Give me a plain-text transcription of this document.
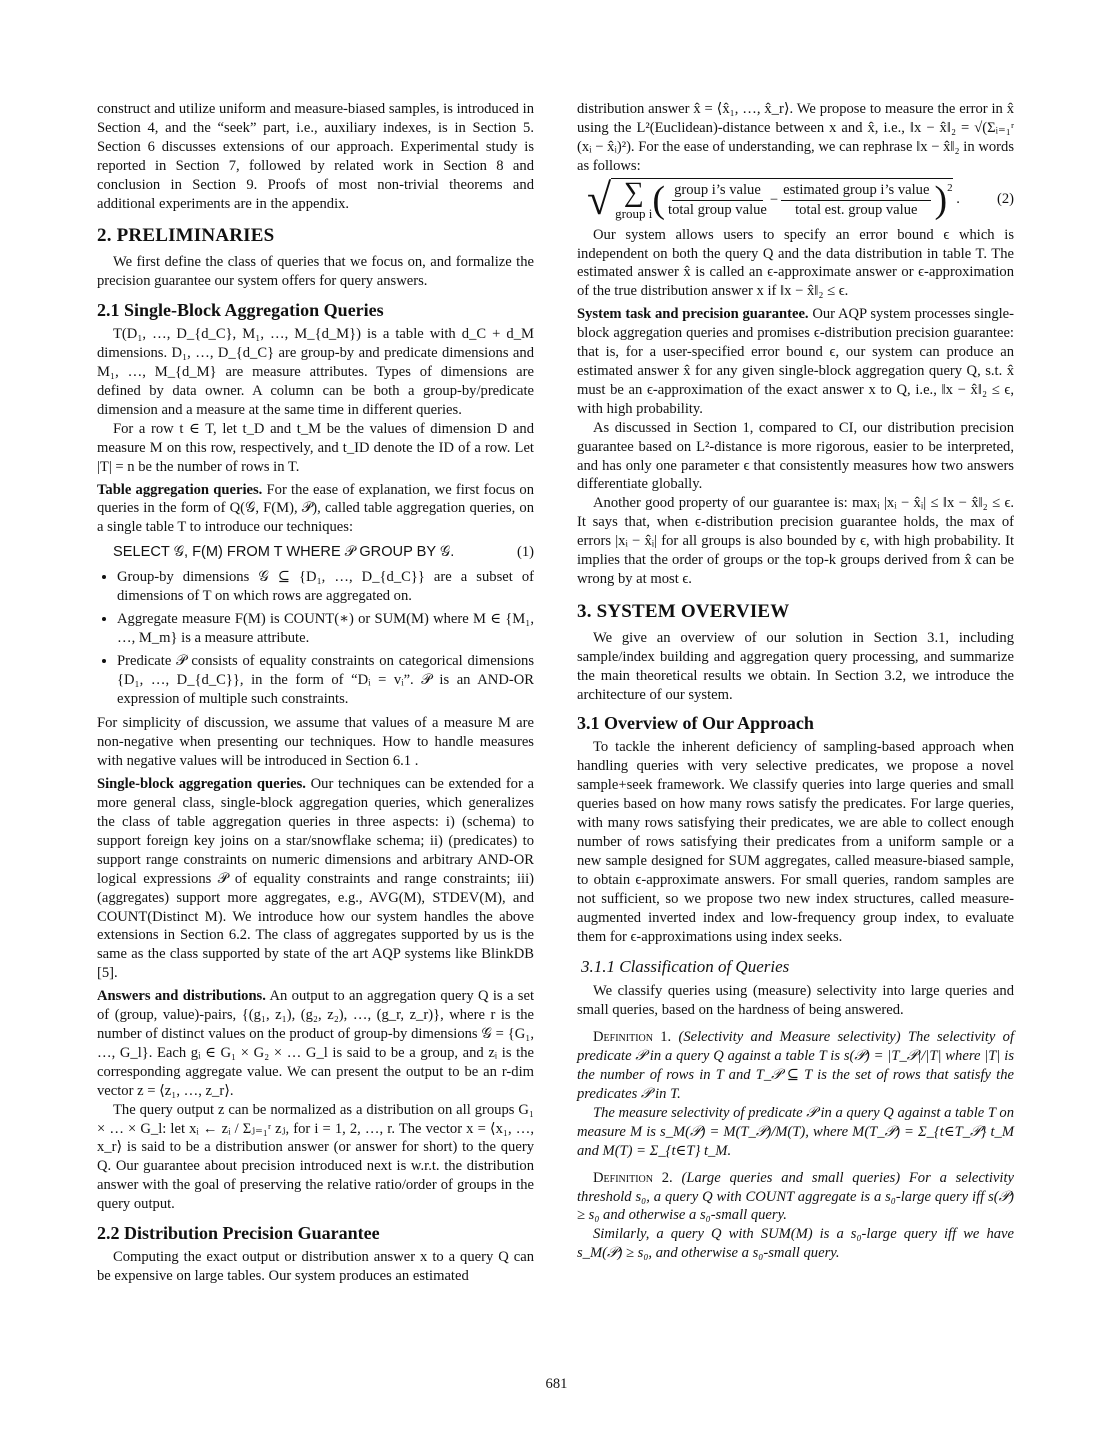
construct and utilize uniform and measure-biased samples, is introduced in Section 4, and the “seek” part, i.e., auxiliary indexes, is in Section 5. Section 6 discusses extensions of our approach. Experimental study is reported in Section 7, followed by related work in Section 8 and conclusion in Section 9. Proofs of most non-trivial theorems and additional experiments are in the appendix.

2. PRELIMINARIES

We first define the class of queries that we focus on, and formalize the precision guarantee our system offers for query answers.

2.1 Single-Block Aggregation Queries

T(D₁, …, D_{d_C}, M₁, …, M_{d_M}) is a table with d_C + d_M dimensions. D₁, …, D_{d_C} are group-by and predicate dimensions and M₁, …, M_{d_M} are measure attributes. Types of dimensions are defined by data owner. A column can be both a group-by/predicate dimension and a measure at the same time in different queries.

For a row t ∈ T, let t_D and t_M be the values of dimension D and measure M on this row, respectively, and t_ID denote the ID of a row. Let |T| = n be the number of rows in T.

Table aggregation queries. For the ease of explanation, we first focus on queries in the form of Q(𝒢, F(M), 𝒫), called table aggregation queries, on a single table T to introduce our techniques:

SELECT 𝒢, F(M) FROM T WHERE 𝒫 GROUP BY 𝒢.	(1)
• Group-by dimensions 𝒢 ⊆ {D₁, …, D_{d_C}} are a subset of dimensions of T on which rows are aggregated on.
• Aggregate measure F(M) is COUNT(∗) or SUM(M) where M ∈ {M₁, …, M_m} is a measure attribute.
• Predicate 𝒫 consists of equality constraints on categorical dimensions {D₁, …, D_{d_C}}, in the form of “Dᵢ = vᵢ”. 𝒫 is an AND-OR expression of multiple such constraints.

For simplicity of discussion, we assume that values of a measure M are non-negative when presenting our techniques. How to handle measures with negative values will be introduced in Section 6.1 .

Single-block aggregation queries. Our techniques can be extended for a more general class, single-block aggregation queries, which generalizes the class of table aggregation queries in three aspects: i) (schema) to support foreign key joins on a star/snowflake schema; ii) (predicates) to support range constraints on numeric dimensions and arbitrary AND-OR logical expressions 𝒫 of equality constraints and range constraints; iii) (aggregates) support more aggregates, e.g., AVG(M), STDEV(M), and COUNT(Distinct M). We introduce how our system handles the above extensions in Section 6.2. The class of aggregates supported by us is the same as the class supported by state of the art AQP systems like BlinkDB [5].

Answers and distributions. An output to an aggregation query Q is a set of (group, value)-pairs, {(g₁, z₁), (g₂, z₂), …, (g_r, z_r)}, where r is the number of distinct values on the product of group-by dimensions 𝒢 = {G₁, …, G_l}. Each gᵢ ∈ G₁ × G₂ × … G_l is said to be a group, and zᵢ is the corresponding aggregate value. We can present the output to be an r-dim vector z = ⟨z₁, …, z_r⟩.

The query output z can be normalized as a distribution on all groups G₁ × … × G_l: let xᵢ ← zᵢ / Σⱼ₌₁ʳ zⱼ, for i = 1, 2, …, r. The vector x = ⟨x₁, …, x_r⟩ is said to be a distribution answer (or answer for short) to the query Q. Our guarantee about precision introduced next is w.r.t. the distribution answer with the goal of preserving the relative ratio/order of groups in the query output.

2.2 Distribution Precision Guarantee

Computing the exact output or distribution answer x to a query Q can be expensive on large tables. Our system produces an estimated

distribution answer x̂ = ⟨x̂₁, …, x̂_r⟩. We propose to measure the error in x̂ using the L²(Euclidean)-distance between x and x̂, i.e., ‖x − x̂‖₂ = √(Σᵢ₌₁ʳ (xᵢ − x̂ᵢ)²). For the ease of understanding, we can rephrase ‖x − x̂‖₂ in words as follows:

√ ∑
group i ( $\frac{\text{group i’s value}}{\text{total group value}} - \frac{\text{estimated group i’s value}}{\text{total est. group value}} )^2$
.	(2)

Our system allows users to specify an error bound ϵ which is independent on both the query Q and the data distribution in table T. The estimated answer x̂ is called an ϵ-approximate answer or ϵ-approximation of the true distribution answer x if ‖x − x̂‖₂ ≤ ϵ.

System task and precision guarantee. Our AQP system processes single-block aggregation queries and promises ϵ-distribution precision guarantee: that is, for a user-specified error bound ϵ, our system can produce an estimated answer x̂ for any given single-block aggregation query Q, s.t. x̂ must be an ϵ-approximation of the exact answer x to Q, i.e., ‖x − x̂‖₂ ≤ ϵ, with high probability.

As discussed in Section 1, compared to CI, our distribution precision guarantee based on L²-distance is more rigorous, easier to be interpreted, and has only one parameter ϵ that consistently measures how two answers differentiate globally.

Another good property of our guarantee is: maxᵢ |xᵢ − x̂ᵢ| ≤ ‖x − x̂‖₂ ≤ ϵ. It says that, when ϵ-distribution precision guarantee holds, the max of errors |xᵢ − x̂ᵢ| for all groups is also bounded by ϵ, with high probability. It implies that the order of groups or the top-k groups derived from x̂ can be wrong by at most ϵ.

3. SYSTEM OVERVIEW

We give an overview of our solution in Section 3.1, including sample/index building and aggregation query processing, and summarize the main theoretical results we obtain. In Section 3.2, we introduce the architecture of our system.

3.1 Overview of Our Approach

To tackle the inherent deficiency of sampling-based approach when handling queries with very selective predicates, we propose a novel sample+seek framework. We classify queries into large queries and small queries based on how many rows satisfy the predicates. For large queries, with many rows satisfying their predicates, we are able to collect enough number of rows satisfying their predicates from a uniform sample or a new sample designed for SUM aggregates, called measure-biased sample, to obtain ϵ-approximate answers. For small queries, random samples are not sufficient, so we propose two new index structures, called measure-augmented inverted index and low-frequency group index, to evaluate them for ϵ-approximations using index seeks.

3.1.1 Classification of Queries

We classify queries using (measure) selectivity into large queries and small queries, based on the hardness of being answered.

Definition 1. (Selectivity and Measure selectivity) The selectivity of predicate 𝒫 in a query Q against a table T is s(𝒫) = |T_𝒫|/|T| where |T| is the number of rows in T and T_𝒫 ⊆ T is the set of rows that satisfy the predicates 𝒫 in T.

The measure selectivity of predicate 𝒫 in a query Q against a table T on measure M is s_M(𝒫) = M(T_𝒫)/M(T), where M(T_𝒫) = Σ_{t∈T_𝒫} t_M and M(T) = Σ_{t∈T} t_M.

Definition 2. (Large queries and small queries) For a selectivity threshold s₀, a query Q with COUNT aggregate is a s₀-large query iff s(𝒫) ≥ s₀ and otherwise a s₀-small query.

Similarly, a query Q with SUM(M) is a s₀-large query iff we have s_M(𝒫) ≥ s₀, and otherwise a s₀-small query.

681
